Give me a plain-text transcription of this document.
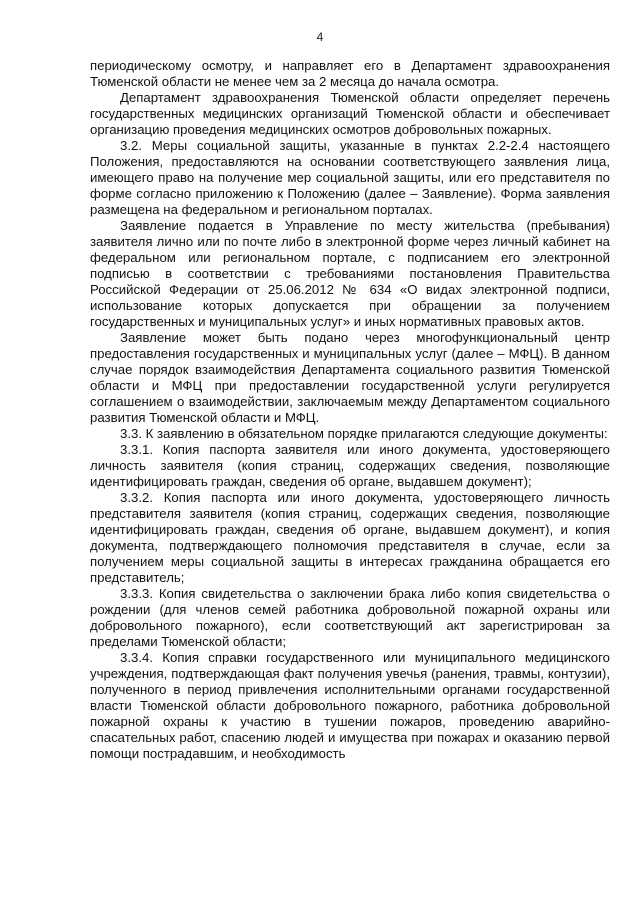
4

периодическому осмотру, и направляет его в Департамент здравоохранения Тюменской области не менее чем за 2 месяца до начала осмотра.

Департамент здравоохранения Тюменской области определяет перечень государственных медицинских организаций Тюменской области и обеспечивает организацию проведения медицинских осмотров добровольных пожарных.

3.2. Меры социальной защиты, указанные в пунктах 2.2-2.4 настоящего Положения, предоставляются на основании соответствующего заявления лица, имеющего право на получение мер социальной защиты, или его представителя по форме согласно приложению к Положению (далее – Заявление). Форма заявления размещена на федеральном и региональном порталах.

Заявление подается в Управление по месту жительства (пребывания) заявителя лично или по почте либо в электронной форме через личный кабинет на федеральном или региональном портале, с подписанием его электронной подписью в соответствии с требованиями постановления Правительства Российской Федерации от 25.06.2012 № 634 «О видах электронной подписи, использование которых допускается при обращении за получением государственных и муниципальных услуг» и иных нормативных правовых актов.

Заявление может быть подано через многофункциональный центр предоставления государственных и муниципальных услуг (далее – МФЦ). В данном случае порядок взаимодействия Департамента социального развития Тюменской области и МФЦ при предоставлении государственной услуги регулируется соглашением о взаимодействии, заключаемым между Департаментом социального развития Тюменской области и МФЦ.

3.3. К заявлению в обязательном порядке прилагаются следующие документы:

3.3.1. Копия паспорта заявителя или иного документа, удостоверяющего личность заявителя (копия страниц, содержащих сведения, позволяющие идентифицировать граждан, сведения об органе, выдавшем документ);

3.3.2. Копия паспорта или иного документа, удостоверяющего личность представителя заявителя (копия страниц, содержащих сведения, позволяющие идентифицировать граждан, сведения об органе, выдавшем документ), и копия документа, подтверждающего полномочия представителя в случае, если за получением меры социальной защиты в интересах гражданина обращается его представитель;

3.3.3. Копия свидетельства о заключении брака либо копия свидетельства о рождении (для членов семей работника добровольной пожарной охраны или добровольного пожарного), если соответствующий акт зарегистрирован за пределами Тюменской области;

3.3.4. Копия справки государственного или муниципального медицинского учреждения, подтверждающая факт получения увечья (ранения, травмы, контузии), полученного в период привлечения исполнительными органами государственной власти Тюменской области добровольного пожарного, работника добровольной пожарной охраны к участию в тушении пожаров, проведению аварийно-спасательных работ, спасению людей и имущества при пожарах и оказанию первой помощи пострадавшим, и необходимость
